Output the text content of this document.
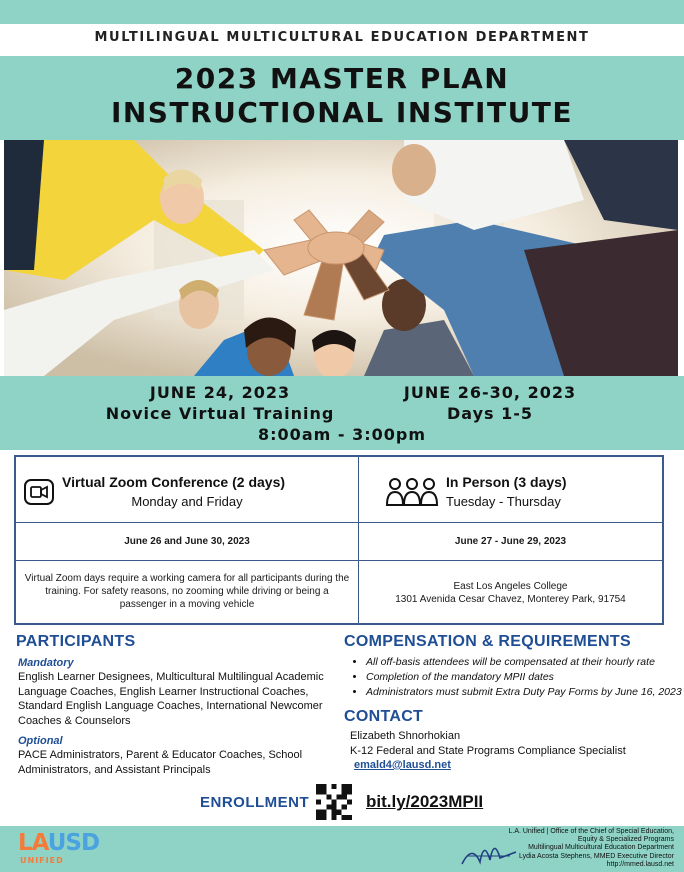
MULTILINGUAL MULTICULTURAL EDUCATION DEPARTMENT
2023 MASTER PLAN
INSTRUCTIONAL INSTITUTE
JUNE 24, 2023
Novice Virtual Training
JUNE 26-30, 2023
Days 1-5
8:00am - 3:00pm
Virtual Zoom Conference (2 days)
Monday and Friday
In Person (3 days)
Tuesday - Thursday
June 26 and June 30, 2023	June 27 - June 29, 2023
Virtual Zoom days require a working camera for all participants during the training. For safety reasons, no zooming while driving or being a passenger in a moving vehicle
East Los Angeles College
1301 Avenida Cesar Chavez, Monterey Park, 91754
PARTICIPANTS
Mandatory
English Learner Designees, Multicultural Multilingual Academic Language Coaches, English Learner Instructional Coaches, Standard English Language Coaches, International Newcomer Coaches & Counselors
Optional
PACE Administrators, Parent & Educator Coaches, School Administrators, and Assistant Principals
COMPENSATION & REQUIREMENTS
• All off-basis attendees will be compensated at their hourly rate
• Completion of the mandatory MPII dates
• Administrators must submit Extra Duty Pay Forms by June 16, 2023
CONTACT
Elizabeth Shnorhokian
K-12 Federal and State Programs Compliance Specialist
emald4@lausd.net
ENROLLMENT	bit.ly/2023MPII
LAUSD
UNIFIED
L.A. Unified | Office of the Chief of Special Education,
Equity & Specialized Programs
Multilingual Multicultural Education Department
Lydia Acosta Stephens, MMED Executive Director
http://mmed.lausd.net
